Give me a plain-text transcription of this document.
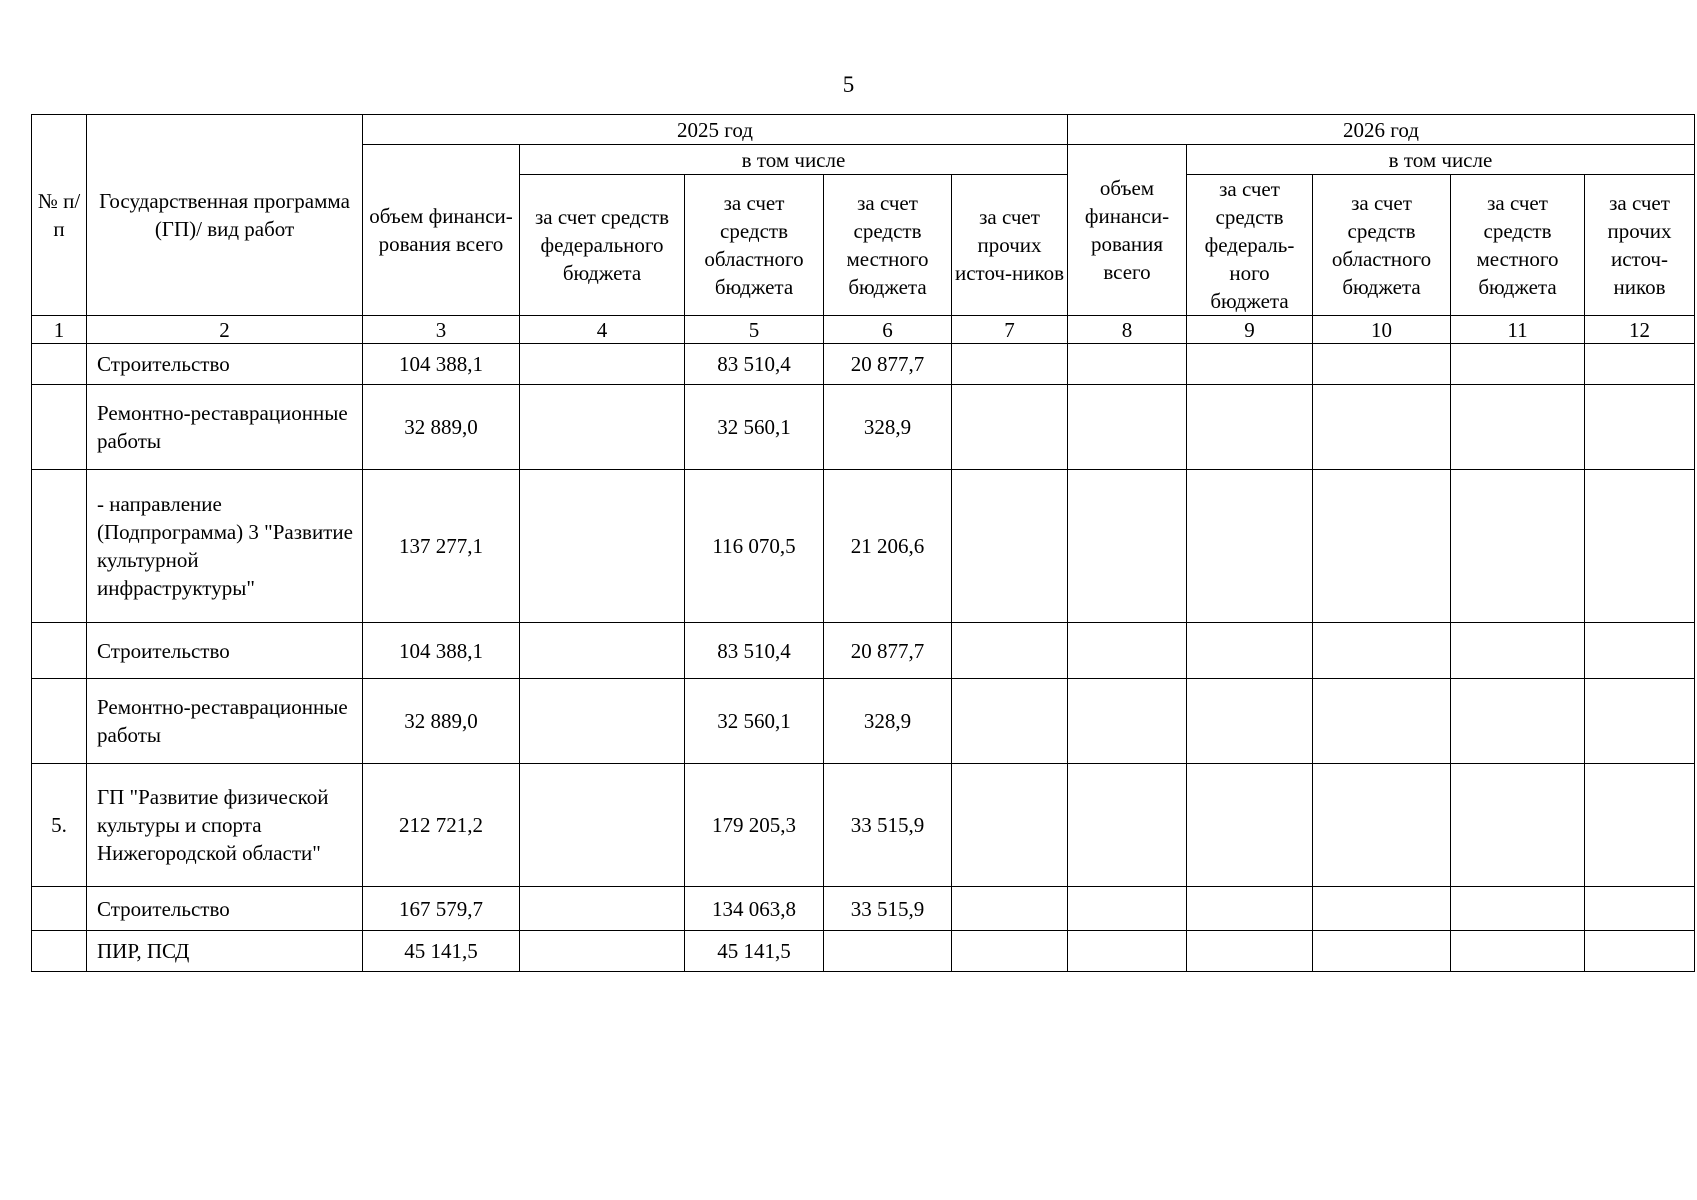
5
№ п/п	Государственная программа (ГП)/ вид работ	2025 год					2026 год				
		объем финанси-рования всего	в том числе				объем финанси-рования всего	в том числе			
			за счет средств федерального бюджета	за счет средств областного бюджета	за счет средств местного бюджета	за счет прочих источ-ников		за счет средств федераль-ного бюджета	за счет средств областного бюджета	за счет средств местного бюджета	за счет прочих источ-ников
1	2	3	4	5	6	7	8	9	10	11	12
	Строительство	104 388,1		83 510,4	20 877,7						
	Ремонтно-реставрационные работы	32 889,0		32 560,1	328,9						
	- направление (Подпрограмма) 3 "Развитие культурной инфраструктуры"	137 277,1		116 070,5	21 206,6						
	Строительство	104 388,1		83 510,4	20 877,7						
	Ремонтно-реставрационные работы	32 889,0		32 560,1	328,9						
5.	ГП "Развитие физической культуры и спорта Нижегородской области"	212 721,2		179 205,3	33 515,9						
	Строительство	167 579,7		134 063,8	33 515,9						
	ПИР, ПСД	45 141,5		45 141,5							
